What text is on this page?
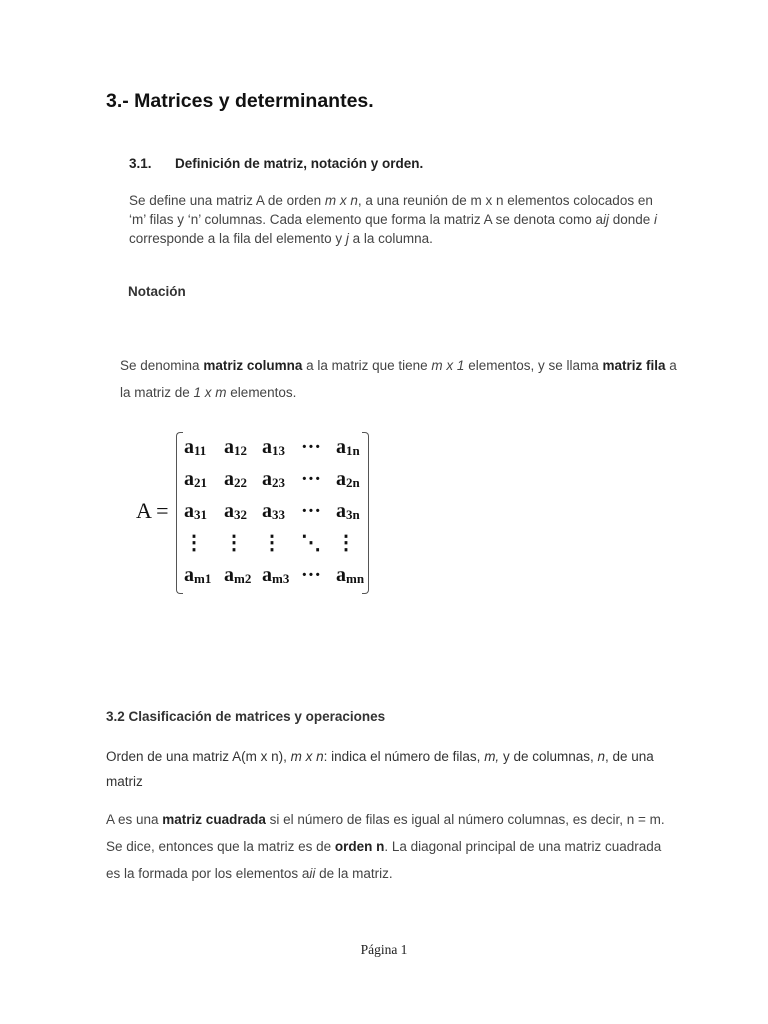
3.- Matrices y determinantes.
3.1. Definición de matriz, notación y orden.
Se define una matriz A de orden m x n, a una reunión de m x n elementos colocados en ‘m’ filas y ‘n’ columnas. Cada elemento que forma la matriz A se denota como aij donde i corresponde a la fila del elemento y j a la columna.
Notación
Se denomina matriz columna a la matriz que tiene m x 1 elementos, y se llama matriz fila a la matriz de 1 x m elementos.
A =
$a_{11}$ $a_{12}$ $a_{13}$ ··· $a_{1n}$
$a_{21}$ $a_{22}$ $a_{23}$ ··· $a_{2n}$
$a_{31}$ $a_{32}$ $a_{33}$ ··· $a_{3n}$
⋮ ⋮ ⋮ ⋱ ⋮
$a_{m1}$ $a_{m2}$ $a_{m3}$ ··· $a_{mn}$
3.2 Clasificación de matrices y operaciones
Orden de una matriz A(m x n), m x n: indica el número de filas, m, y de columnas, n, de una matriz
A es una matriz cuadrada si el número de filas es igual al número columnas, es decir, n = m. Se dice, entonces que la matriz es de orden n. La diagonal principal de una matriz cuadrada es la formada por los elementos aii de la matriz.
Página 1
